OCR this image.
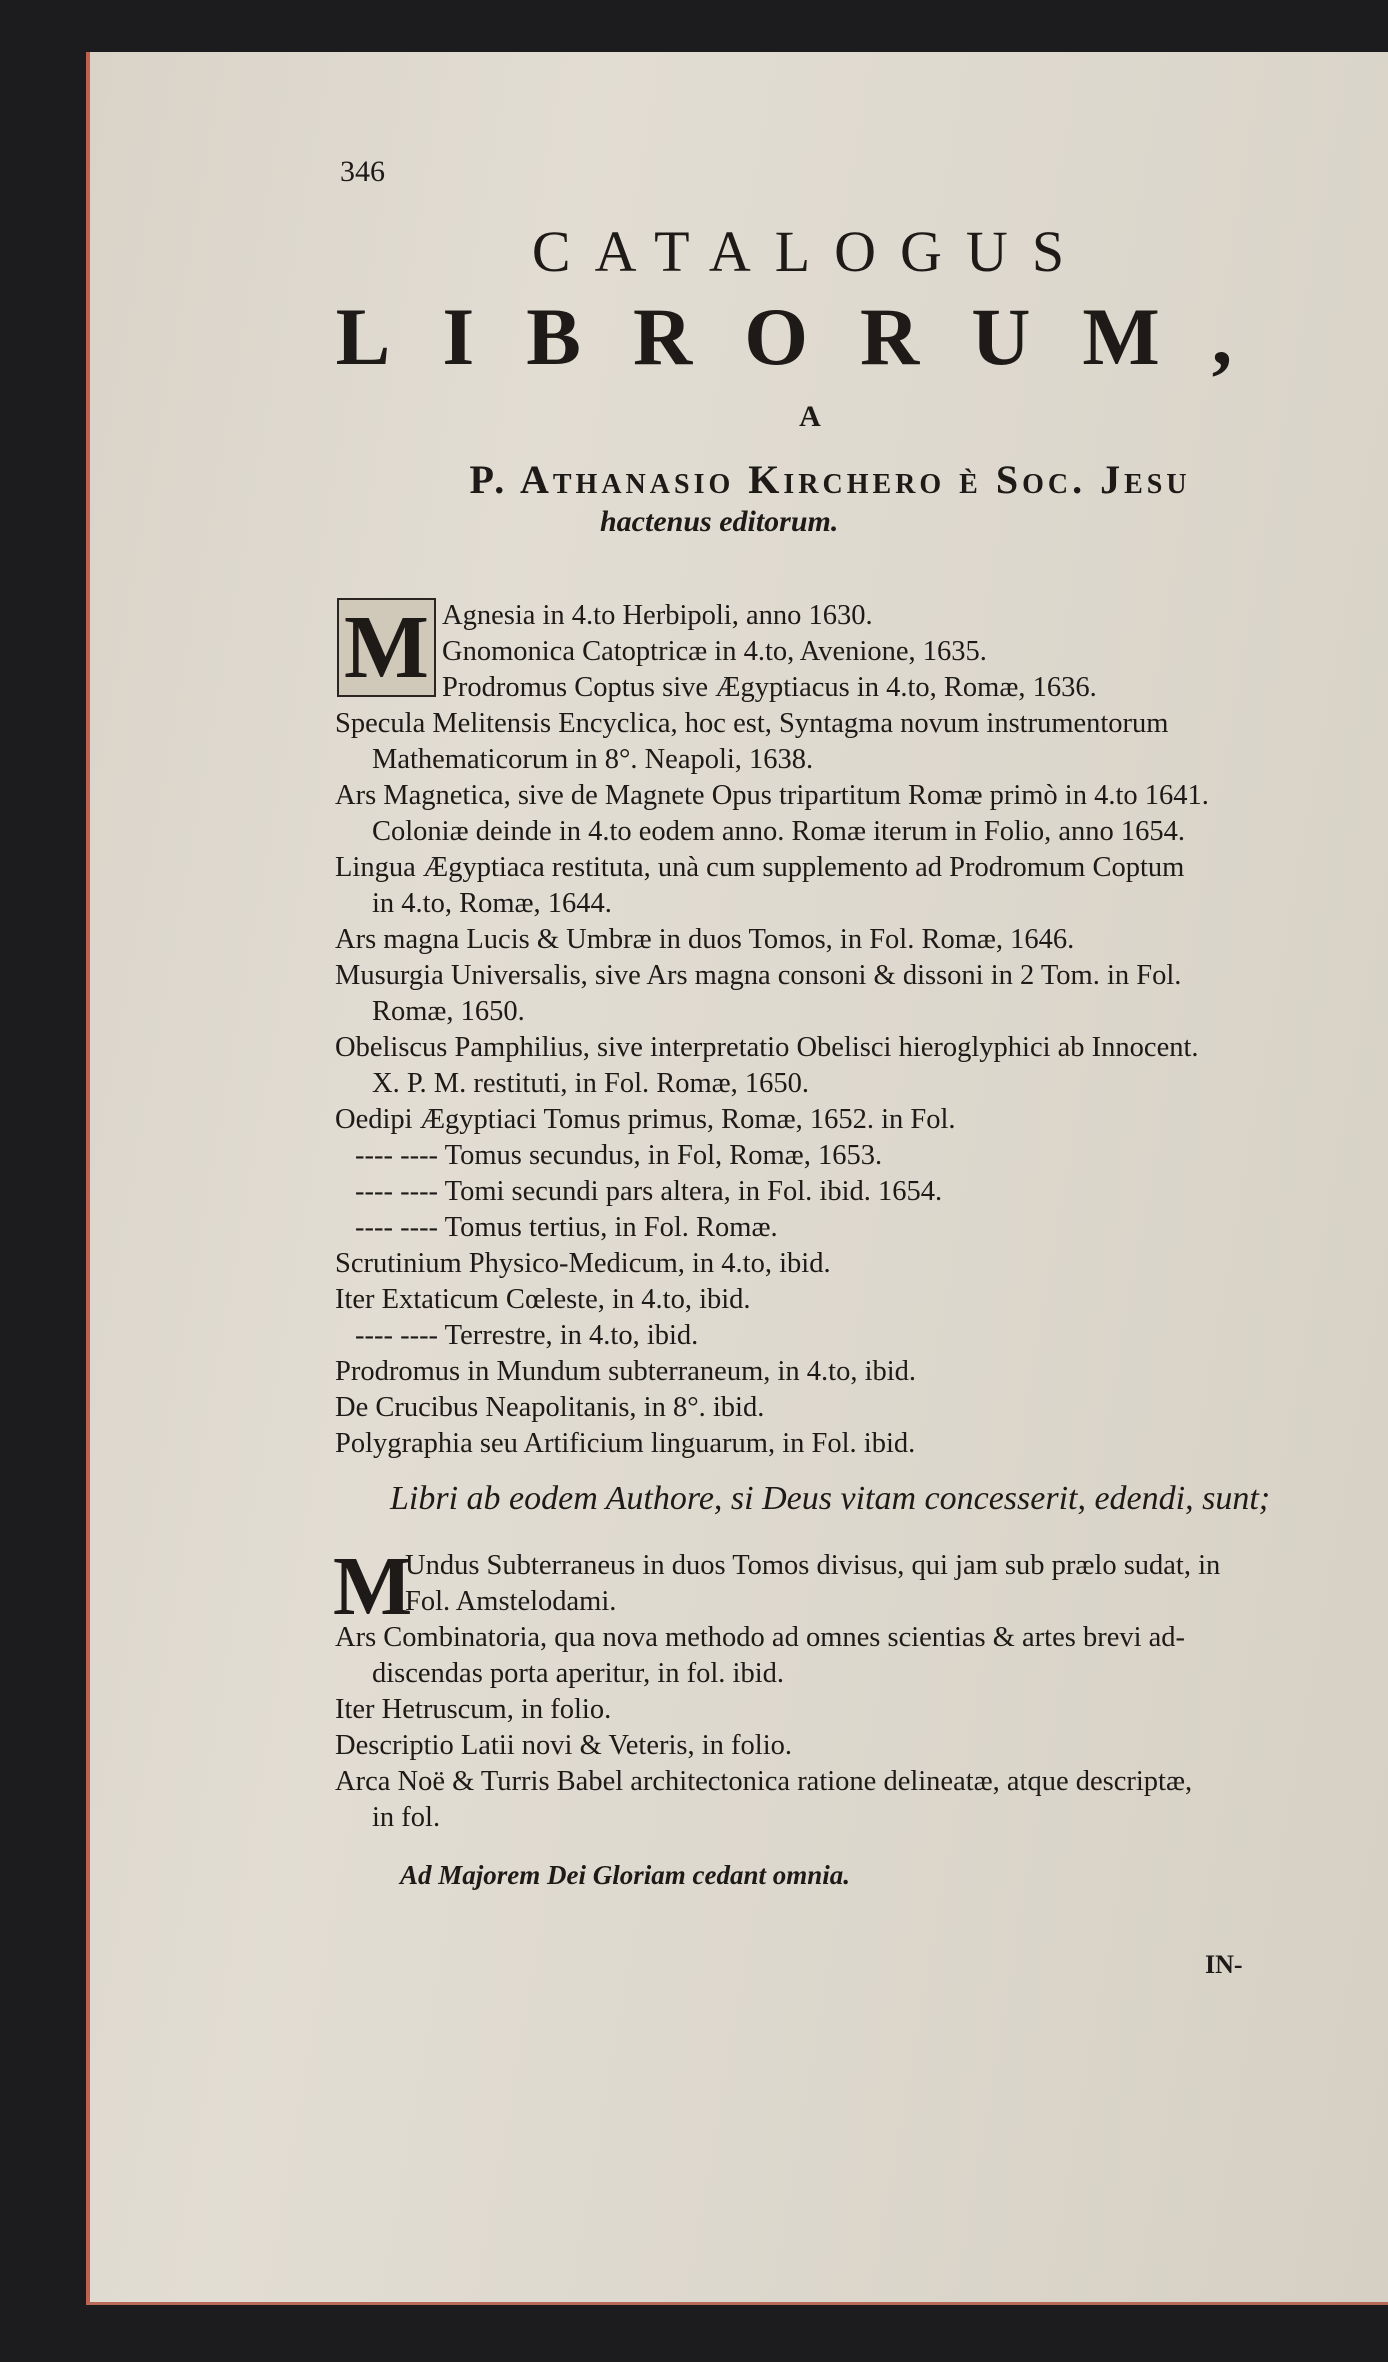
346
CATALOGUS
LIBRORUM,
A
P. Athanasio Kirchero è Soc. Jesu
hactenus editorum.
M Agnesia in 4.to Herbipoli, anno 1630.
Gnomonica Catoptricæ in 4.to, Avenione, 1635.
Prodromus Coptus sive Ægyptiacus in 4.to, Romæ, 1636.
Specula Melitensis Encyclica, hoc est, Syntagma novum instrumentorum
Mathematicorum in 8°. Neapoli, 1638.
Ars Magnetica, sive de Magnete Opus tripartitum Romæ primò in 4.to 1641.
Coloniæ deinde in 4.to eodem anno. Romæ iterum in Folio, anno 1654.
Lingua Ægyptiaca restituta, unà cum supplemento ad Prodromum Coptum
in 4.to, Romæ, 1644.
Ars magna Lucis & Umbræ in duos Tomos, in Fol. Romæ, 1646.
Musurgia Universalis, sive Ars magna consoni & dissoni in 2 Tom. in Fol.
Romæ, 1650.
Obeliscus Pamphilius, sive interpretatio Obelisci hieroglyphici ab Innocent.
X. P. M. restituti, in Fol. Romæ, 1650.
Oedipi Ægyptiaci Tomus primus, Romæ, 1652. in Fol.
---- ---- Tomus secundus, in Fol, Romæ, 1653.
---- ---- Tomi secundi pars altera, in Fol. ibid. 1654.
---- ---- Tomus tertius, in Fol. Romæ.
Scrutinium Physico-Medicum, in 4.to, ibid.
Iter Extaticum Cœleste, in 4.to, ibid.
---- ---- Terrestre, in 4.to, ibid.
Prodromus in Mundum subterraneum, in 4.to, ibid.
De Crucibus Neapolitanis, in 8°. ibid.
Polygraphia seu Artificium linguarum, in Fol. ibid.
Libri ab eodem Authore, si Deus vitam concesserit, edendi, sunt;
M
Undus Subterraneus in duos Tomos divisus, qui jam sub prælo sudat, in
Fol. Amstelodami.
Ars Combinatoria, qua nova methodo ad omnes scientias & artes brevi ad-
discendas porta aperitur, in fol. ibid.
Iter Hetruscum, in folio.
Descriptio Latii novi & Veteris, in folio.
Arca Noë & Turris Babel architectonica ratione delineatæ, atque descriptæ,
in fol.
Ad Majorem Dei Gloriam cedant omnia.
IN-
